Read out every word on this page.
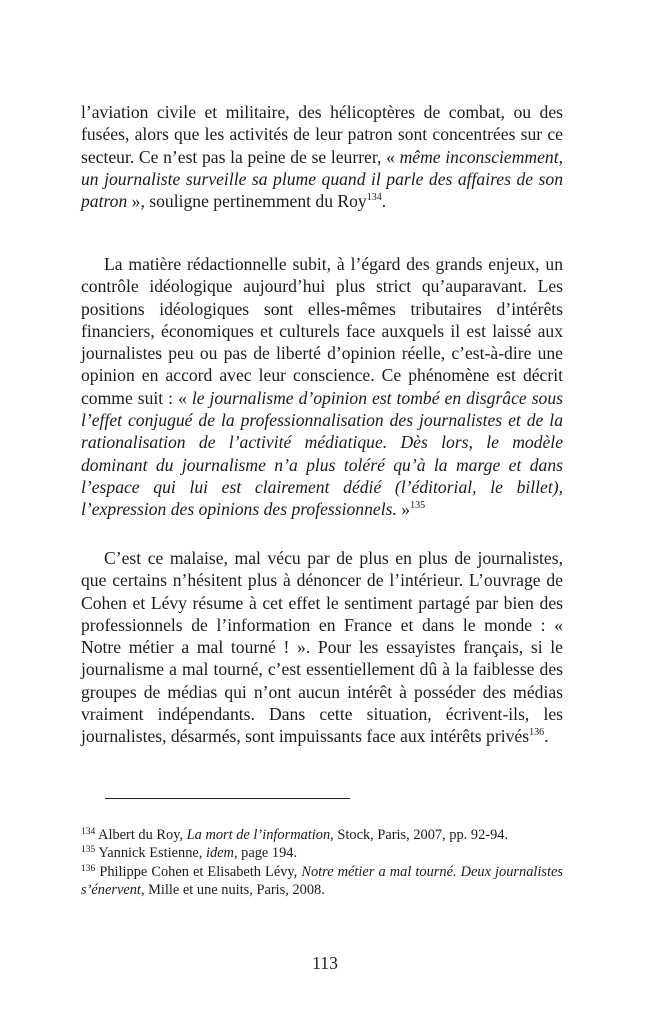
l’aviation civile et militaire, des hélicoptères de combat, ou des fusées, alors que les activités de leur patron sont concentrées sur ce secteur. Ce n’est pas la peine de se leurrer, « même inconsciemment, un journaliste surveille sa plume quand il parle des affaires de son patron », souligne pertinemment du Roy$^{134}$.

La matière rédactionnelle subit, à l’égard des grands enjeux, un contrôle idéologique aujourd’hui plus strict qu’auparavant. Les positions idéologiques sont elles-mêmes tributaires d’intérêts financiers, économiques et culturels face auxquels il est laissé aux journalistes peu ou pas de liberté d’opinion réelle, c’est-à-dire une opinion en accord avec leur conscience. Ce phénomène est décrit comme suit : « le journalisme d’opinion est tombé en disgrâce sous l’effet conjugué de la professionnalisation des journalistes et de la rationalisation de l’activité médiatique. Dès lors, le modèle dominant du journalisme n’a plus toléré qu’à la marge et dans l’espace qui lui est clairement dédié (l’éditorial, le billet), l’expression des opinions des professionnels. »$^{135}$

C’est ce malaise, mal vécu par de plus en plus de journalistes, que certains n’hésitent plus à dénoncer de l’intérieur. L’ouvrage de Cohen et Lévy résume à cet effet le sentiment partagé par bien des professionnels de l’information en France et dans le monde : « Notre métier a mal tourné ! ». Pour les essayistes français, si le journalisme a mal tourné, c’est essentiellement dû à la faiblesse des groupes de médias qui n’ont aucun intérêt à posséder des médias vraiment indépendants. Dans cette situation, écrivent-ils, les journalistes, désarmés, sont impuissants face aux intérêts privés$^{136}$.

$^{134}$ Albert du Roy, La mort de l’information, Stock, Paris, 2007, pp. 92-94.

$^{135}$ Yannick Estienne, idem, page 194.

$^{136}$ Philippe Cohen et Elisabeth Lévy, Notre métier a mal tourné. Deux journalistes s’énervent, Mille et une nuits, Paris, 2008.

113
